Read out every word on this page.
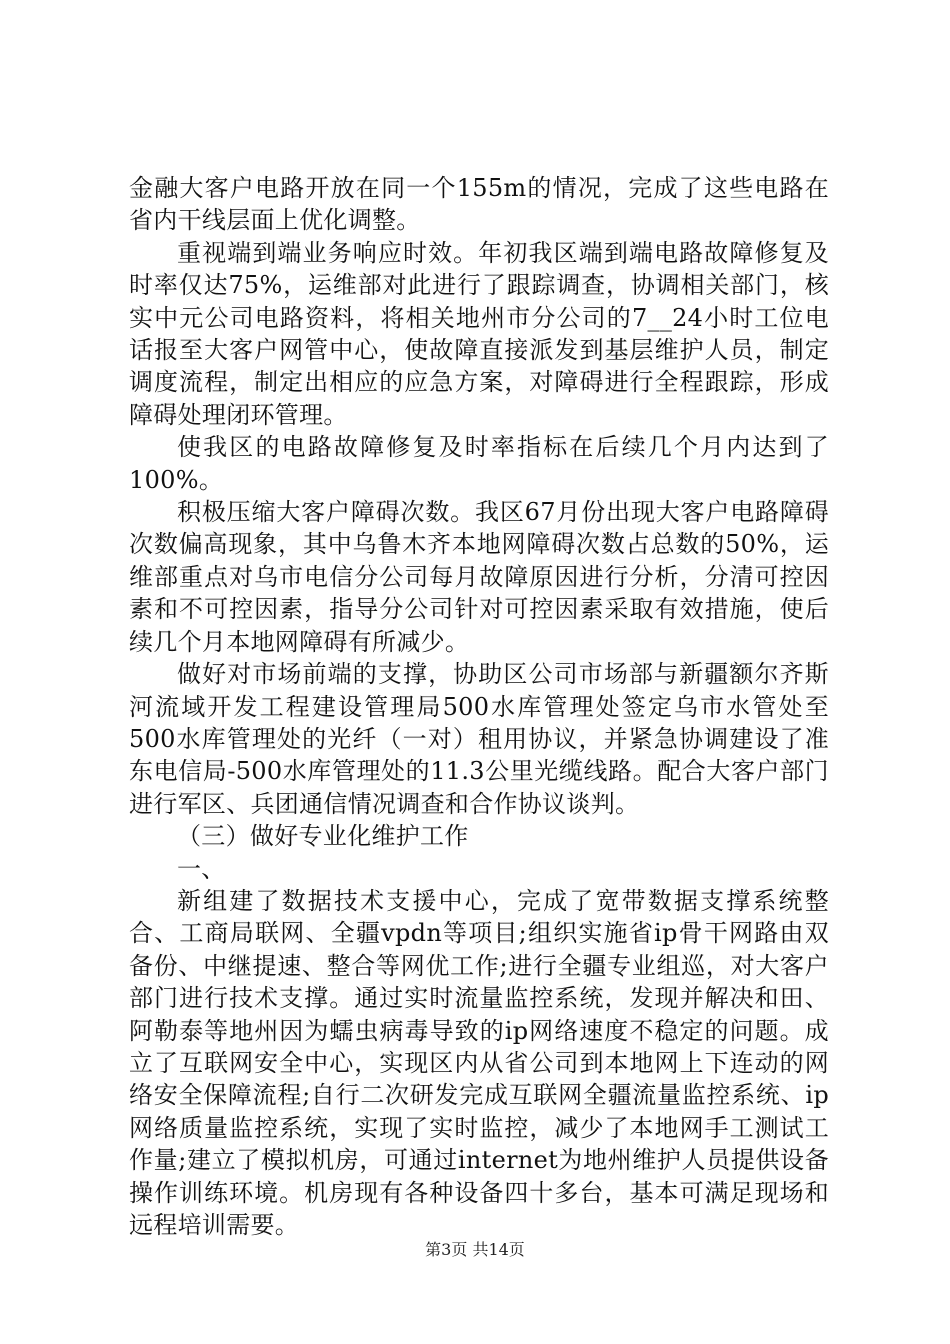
金融大客户电路开放在同一个155m的情况，完成了这些电路在省内干线层面上优化调整。

重视端到端业务响应时效。年初我区端到端电路故障修复及时率仅达75%，运维部对此进行了跟踪调查，协调相关部门，核实中元公司电路资料，将相关地州市分公司的7__24小时工位电话报至大客户网管中心，使故障直接派发到基层维护人员，制定调度流程，制定出相应的应急方案，对障碍进行全程跟踪，形成障碍处理闭环管理。

使我区的电路故障修复及时率指标在后续几个月内达到了100%。

积极压缩大客户障碍次数。我区67月份出现大客户电路障碍次数偏高现象，其中乌鲁木齐本地网障碍次数占总数的50%，运维部重点对乌市电信分公司每月故障原因进行分析，分清可控因素和不可控因素，指导分公司针对可控因素采取有效措施，使后续几个月本地网障碍有所减少。

做好对市场前端的支撑，协助区公司市场部与新疆额尔齐斯河流域开发工程建设管理局500水库管理处签定乌市水管处至500水库管理处的光纤（一对）租用协议，并紧急协调建设了准东电信局-500水库管理处的11.3公里光缆线路。配合大客户部门进行军区、兵团通信情况调查和合作协议谈判。

（三）做好专业化维护工作

一、

新组建了数据技术支援中心，完成了宽带数据支撑系统整合、工商局联网、全疆vpdn等项目;组织实施省ip骨干网路由双备份、中继提速、整合等网优工作;进行全疆专业组巡，对大客户部门进行技术支撑。通过实时流量监控系统，发现并解决和田、阿勒泰等地州因为蠕虫病毒导致的ip网络速度不稳定的问题。成立了互联网安全中心，实现区内从省公司到本地网上下连动的网络安全保障流程;自行二次研发完成互联网全疆流量监控系统、ip网络质量监控系统，实现了实时监控，减少了本地网手工测试工作量;建立了模拟机房，可通过internet为地州维护人员提供设备操作训练环境。机房现有各种设备四十多台，基本可满足现场和远程培训需要。

第3页 共14页
